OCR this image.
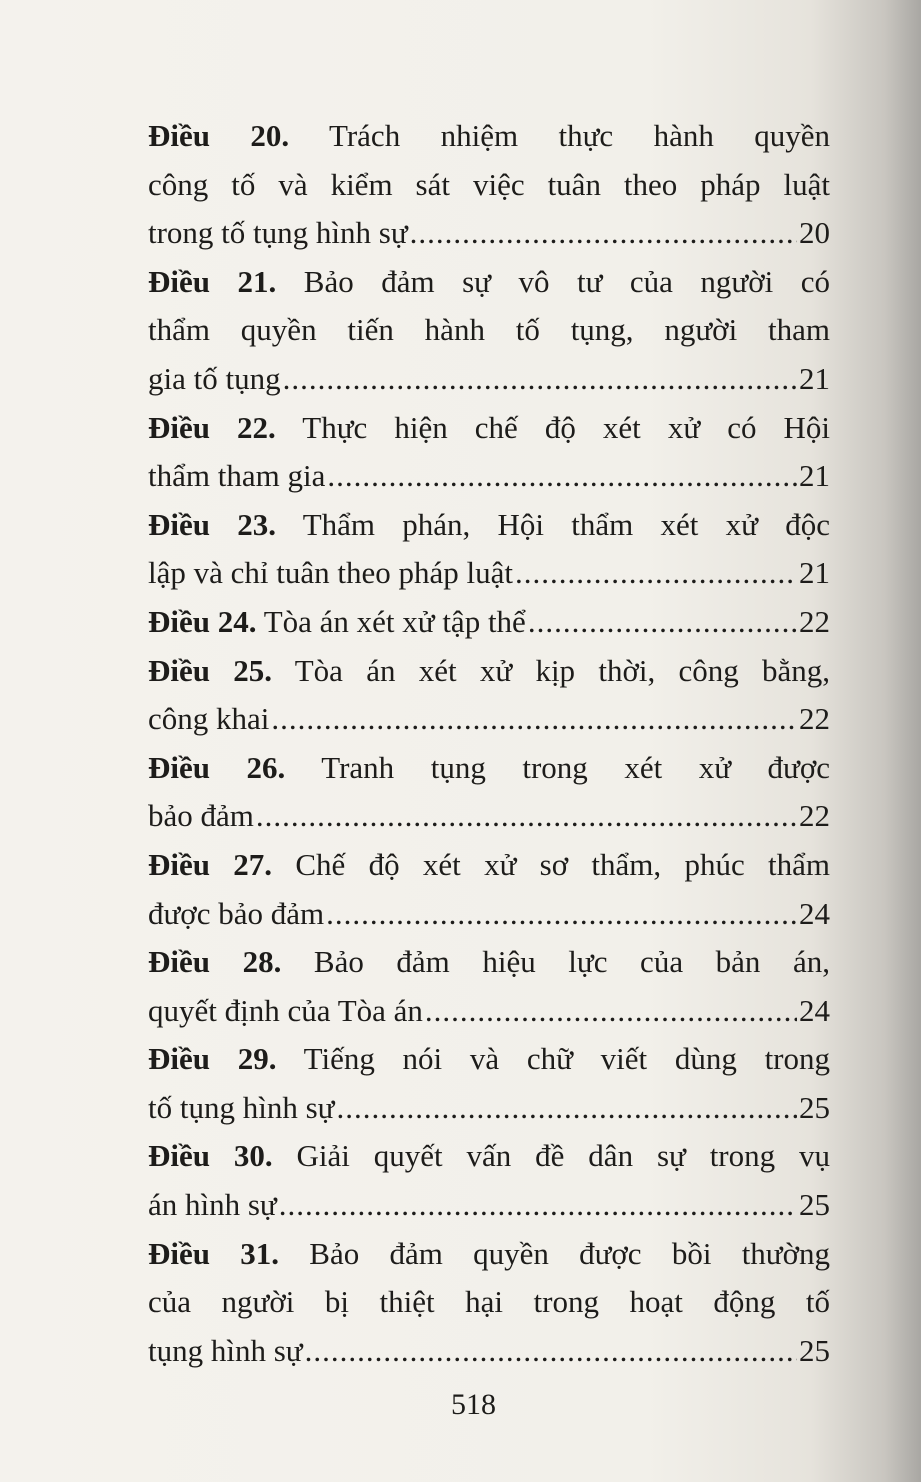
Điều 20. Trách nhiệm thực hành quyền
công tố và kiểm sát việc tuân theo pháp luật
trong tố tụng hình sự .....	20
Điều 21. Bảo đảm sự vô tư của người có
thẩm quyền tiến hành tố tụng, người tham
gia tố tụng .....	21
Điều 22. Thực hiện chế độ xét xử có Hội
thẩm tham gia .....	21
Điều 23. Thẩm phán, Hội thẩm xét xử độc
lập và chỉ tuân theo pháp luật .....	21
Điều 24. Tòa án xét xử tập thể .....	22
Điều 25. Tòa án xét xử kịp thời, công bằng,
công khai .....	22
Điều 26. Tranh tụng trong xét xử được
bảo đảm .....	22
Điều 27. Chế độ xét xử sơ thẩm, phúc thẩm
được bảo đảm .....	24
Điều 28. Bảo đảm hiệu lực của bản án,
quyết định của Tòa án .....	24
Điều 29. Tiếng nói và chữ viết dùng trong
tố tụng hình sự .....	25
Điều 30. Giải quyết vấn đề dân sự trong vụ
án hình sự .....	25
Điều 31. Bảo đảm quyền được bồi thường
của người bị thiệt hại trong hoạt động tố
tụng hình sự .....	25
518
